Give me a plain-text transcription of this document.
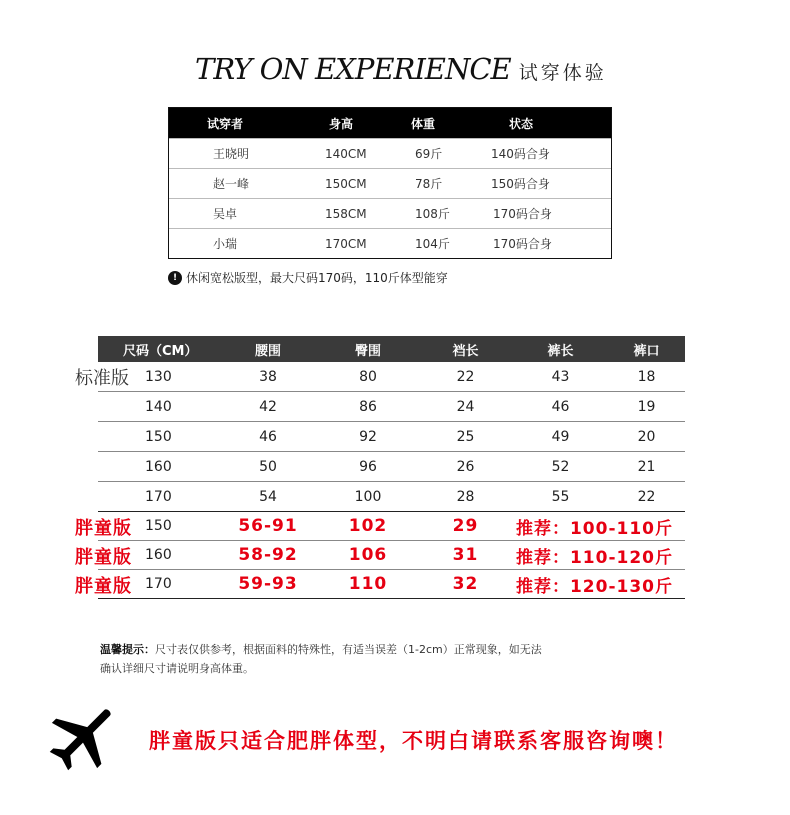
TRY ON EXPERIENCE 试穿体验
试穿者	身高	体重	状态
王晓明	140CM	69斤	140码合身
赵一峰	150CM	78斤	150码合身
吴卓	158CM	108斤	170码合身
小瑞	170CM	104斤	170码合身
! 休闲宽松版型，最大尺码170码，110斤体型能穿
尺码（CM）	腰围	臀围	裆长	裤长	裤口
标准版	130	38	80	22	43	18
140	42	86	24	46	19
150	46	92	25	49	20
160	50	96	26	52	21
170	54	100	28	55	22
胖童版 150	56-91	102	29	推荐：100-110斤
胖童版 160	58-92	106	31	推荐：110-120斤
胖童版 170	59-93	110	32	推荐：120-130斤
温馨提示：尺寸表仅供参考，根据面料的特殊性，有适当误差（1-2cm）正常现象，如无法
确认详细尺寸请说明身高体重。
胖童版只适合肥胖体型，不明白请联系客服咨询噢！
